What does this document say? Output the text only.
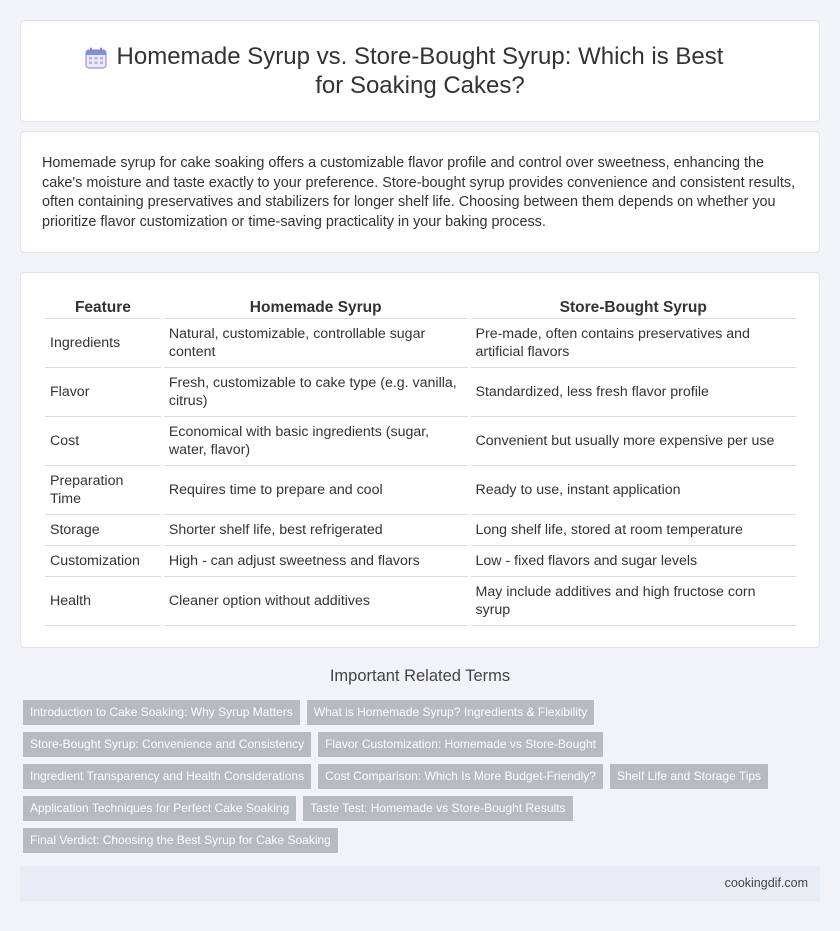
Homemade Syrup vs. Store-Bought Syrup: Which is Best for Soaking Cakes?

Homemade syrup for cake soaking offers a customizable flavor profile and control over sweetness, enhancing the cake's moisture and taste exactly to your preference. Store-bought syrup provides convenience and consistent results, often containing preservatives and stabilizers for longer shelf life. Choosing between them depends on whether you prioritize flavor customization or time-saving practicality in your baking process.

Feature	Homemade Syrup	Store-Bought Syrup
Ingredients	Natural, customizable, controllable sugar content	Pre-made, often contains preservatives and artificial flavors
Flavor	Fresh, customizable to cake type (e.g. vanilla, citrus)	Standardized, less fresh flavor profile
Cost	Economical with basic ingredients (sugar, water, flavor)	Convenient but usually more expensive per use
Preparation Time	Requires time to prepare and cool	Ready to use, instant application
Storage	Shorter shelf life, best refrigerated	Long shelf life, stored at room temperature
Customization	High - can adjust sweetness and flavors	Low - fixed flavors and sugar levels
Health	Cleaner option without additives	May include additives and high fructose corn syrup
Important Related Terms
Introduction to Cake Soaking: Why Syrup Matters	What is Homemade Syrup? Ingredients & Flexibility
Store-Bought Syrup: Convenience and Consistency	Flavor Customization: Homemade vs Store-Bought
Ingredient Transparency and Health Considerations	Cost Comparison: Which Is More Budget-Friendly?	Shelf Life and Storage Tips
Application Techniques for Perfect Cake Soaking	Taste Test: Homemade vs Store-Bought Results
Final Verdict: Choosing the Best Syrup for Cake Soaking
cookingdif.com
